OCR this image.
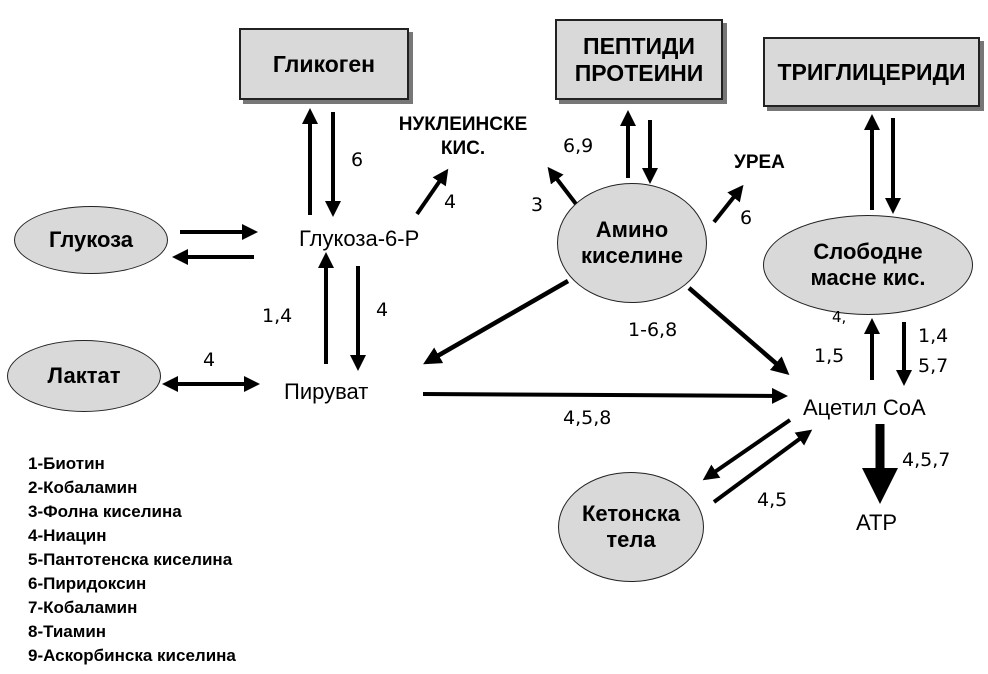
Гликоген
ПЕПТИДИ
ПРОТЕИНИ	ТРИГЛИЦЕРИДИ
Глукоза
Лактат
Амино
киселине	Слободне
масне кис.
Кетонска
тела
Глукоза-6-Р
Пируват
Ацетил СоА
АТР
НУКЛЕИНСКЕ
КИС.
УРЕА
6
4
1,4	4
4
3
6,9
6
1-6,8
4,5,8
4,
1,5
1,4
5,7
4,5,7
4,5
1-Биотин
2-Кобаламин
3-Фолна киселина
4-Ниацин
5-Пантотенска киселина
6-Пиридоксин
7-Кобаламин
8-Тиамин
9-Аскорбинска киселина
